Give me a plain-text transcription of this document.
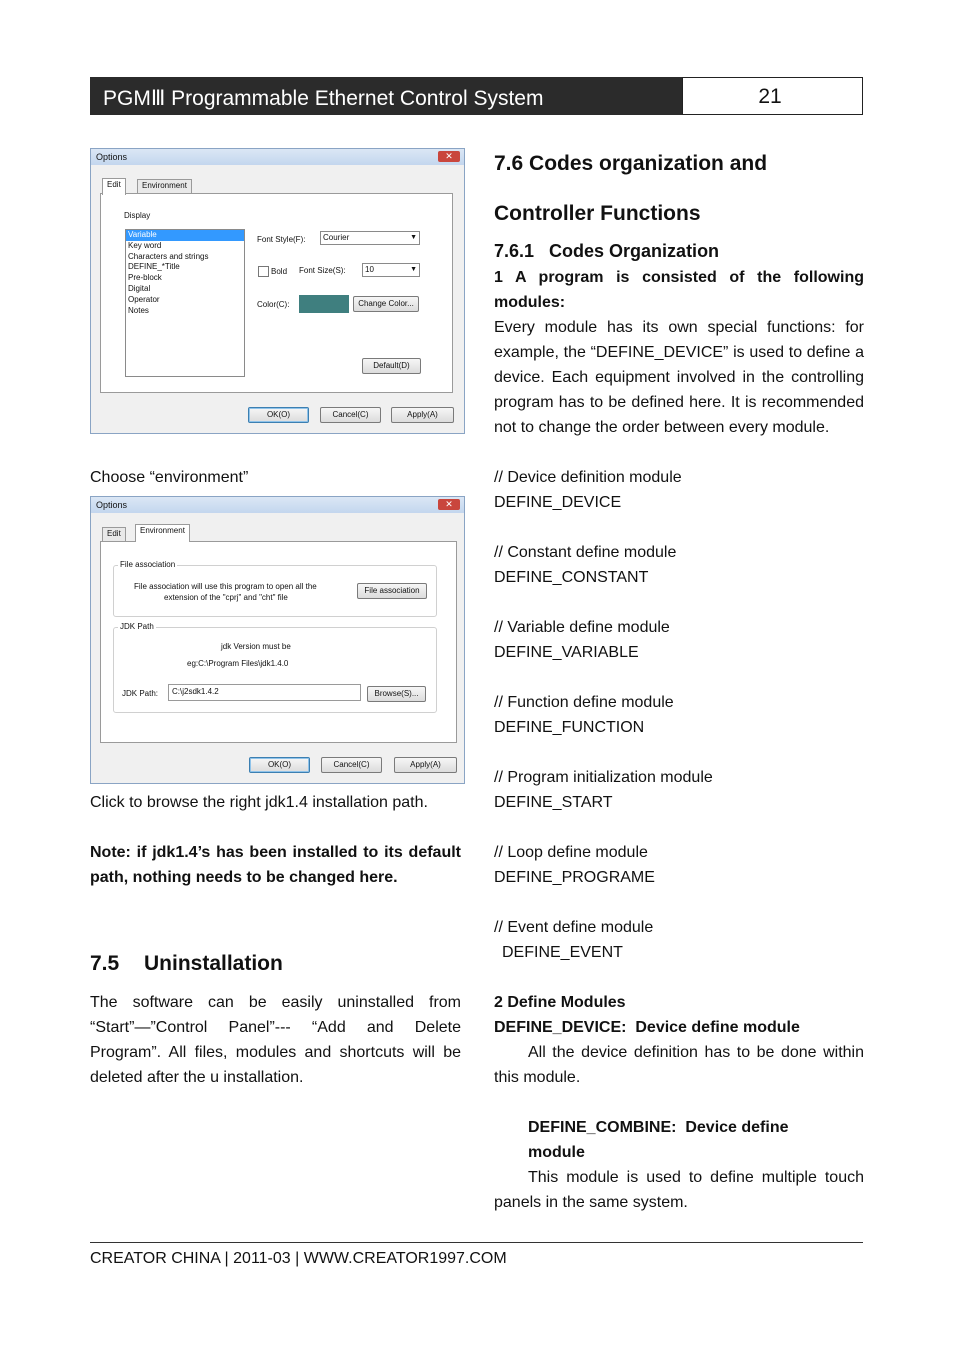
PGMⅢ Programmable Ethernet Control System	21
Options	✕
Edit	Environment
Display
Variable
Key word
Characters and strings
DEFINE_*Title
Pre-block
Digital
Operator
Notes
Font Style(F):	Courier	▼
Bold Font Size(S):	10	▼
Color(C):	Change Color...
Default(D)
OK(O)	Cancel(C)	Apply(A)
Choose “environment”
Options	✕
Edit	Environment
File association
File association will use this program to open all the
extension of the "cprj" and "cht" file
File association
JDK Path
jdk Version must be
eg:C:\Program Files\jdk1.4.0
JDK Path:	C:\j2sdk1.4.2	Browse(S)...
OK(O)	Cancel(C)	Apply(A)
Click to browse the right jdk1.4 installation path.
Note: if jdk1.4’s has been installed to its default path, nothing needs to be changed here.
7.5 Uninstallation
The software can be easily uninstalled from “Start”—”Control Panel”--- “Add and Delete Program”. All files, modules and shortcuts will be deleted after the u installation.
7.6 Codes organization and
Controller Functions
7.6.1   Codes Organization
1 A program is consisted of the following modules:
Every module has its own special functions: for example, the “DEFINE_DEVICE” is used to define a device. Each equipment involved in the controlling program has to be defined here. It is recommended not to change the order between every module.
// Device definition module
DEFINE_DEVICE
// Constant define module
DEFINE_CONSTANT
// Variable define module
DEFINE_VARIABLE
// Function define module
DEFINE_FUNCTION
// Program initialization module
DEFINE_START
// Loop define module
DEFINE_PROGRAME
// Event define module
DEFINE_EVENT
2 Define Modules
DEFINE_DEVICE:  Device define module
All the device definition has to be done within this module.
DEFINE_COMBINE:  Device define
module
This module is used to define multiple touch panels in the same system.
CREATOR CHINA | 2011-03 | WWW.CREATOR1997.COM
